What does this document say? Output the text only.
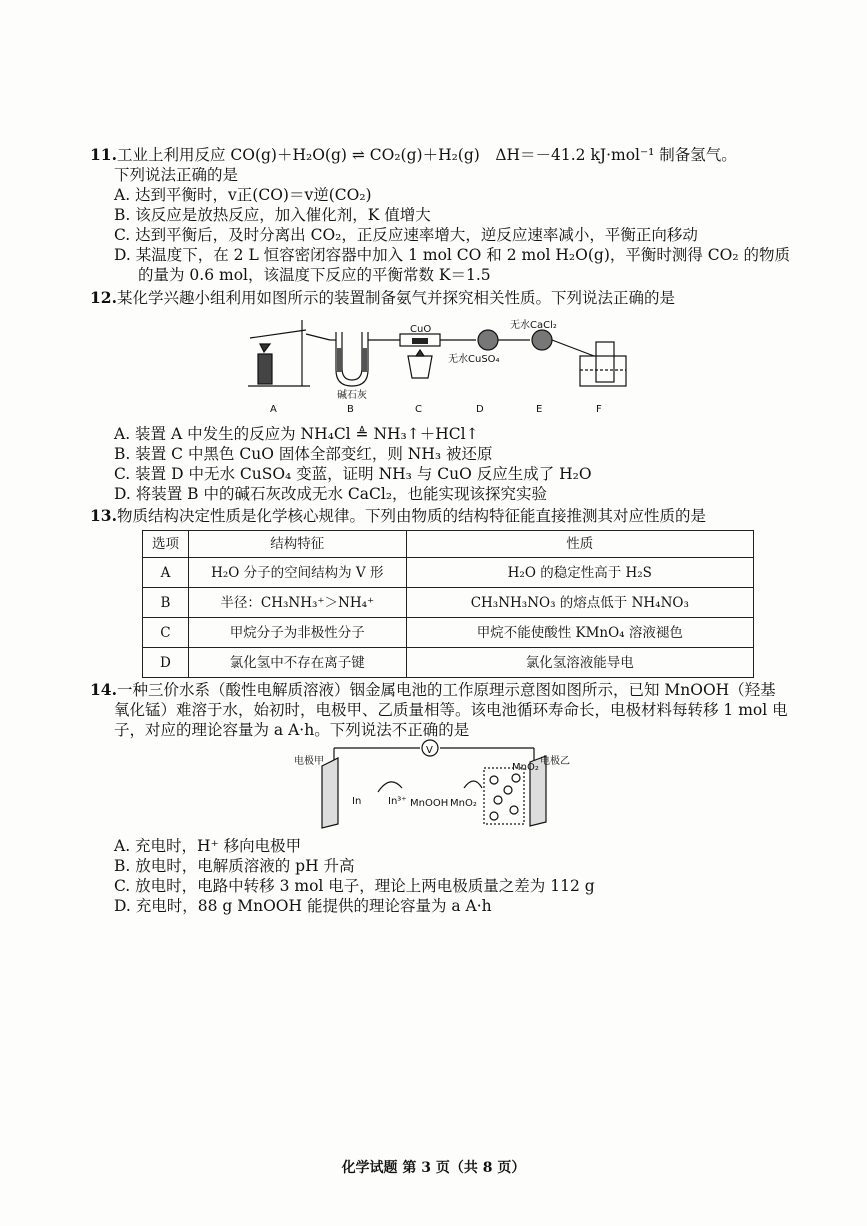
11.工业上利用反应 CO(g)＋H₂O(g) ⇌ CO₂(g)＋H₂(g)　ΔH＝－41.2 kJ·mol⁻¹ 制备氢气。
下列说法正确的是
A. 达到平衡时，v正(CO)＝v逆(CO₂)
B. 该反应是放热反应，加入催化剂，K 值增大
C. 达到平衡后，及时分离出 CO₂，正反应速率增大，逆反应速率减小，平衡正向移动
D. 某温度下，在 2 L 恒容密闭容器中加入 1 mol CO 和 2 mol H₂O(g)，平衡时测得 CO₂ 的物质
的量为 0.6 mol，该温度下反应的平衡常数 K＝1.5
12.某化学兴趣小组利用如图所示的装置制备氨气并探究相关性质。下列说法正确的是
碱石灰
CuO
无水CuSO₄
无水CaCl₂
A	B	C	D	E	F
A. 装置 A 中发生的反应为 NH₄Cl ≜ NH₃↑＋HCl↑
B. 装置 C 中黑色 CuO 固体全部变红，则 NH₃ 被还原
C. 装置 D 中无水 CuSO₄ 变蓝，证明 NH₃ 与 CuO 反应生成了 H₂O
D. 将装置 B 中的碱石灰改成无水 CaCl₂，也能实现该探究实验
13.物质结构决定性质是化学核心规律。下列由物质的结构特征能直接推测其对应性质的是
选项	结构特征	性质
A	H₂O 分子的空间结构为 V 形	H₂O 的稳定性高于 H₂S
B	半径：CH₃NH₃⁺＞NH₄⁺	CH₃NH₃NO₃ 的熔点低于 NH₄NO₃
C	甲烷分子为非极性分子	甲烷不能使酸性 KMnO₄ 溶液褪色
D	氯化氢中不存在离子键	氯化氢溶液能导电
14.一种三价水系（酸性电解质溶液）铟金属电池的工作原理示意图如图所示，已知 MnOOH（羟基
氧化锰）难溶于水，始初时，电极甲、乙质量相等。该电池循环寿命长，电极材料每转移 1 mol 电
子，对应的理论容量为 a A·h。下列说法不正确的是
电极甲	电极乙
V
In	In³⁺ MnOOH MnO₂
MnO₂
A. 充电时，H⁺ 移向电极甲
B. 放电时，电解质溶液的 pH 升高
C. 放电时，电路中转移 3 mol 电子，理论上两电极质量之差为 112 g
D. 充电时，88 g MnOOH 能提供的理论容量为 a A·h
化学试题 第 3 页（共 8 页）
